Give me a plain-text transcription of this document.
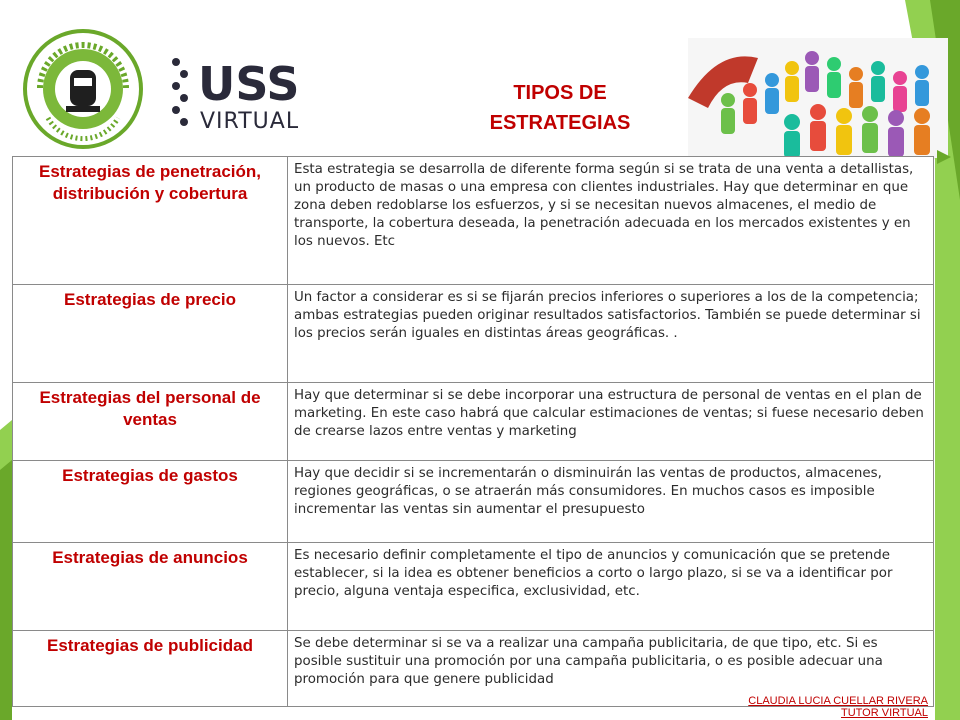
USS
VIRTUAL
TIPOS DE
ESTRATEGIAS
Estrategias de penetración, distribución y cobertura	Esta estrategia se desarrolla de diferente forma según si se trata de una venta a detallistas, un producto de masas o una empresa con clientes industriales. Hay que determinar en que zona deben redoblarse los esfuerzos, y si se necesitan nuevos almacenes, el medio de transporte, la cobertura deseada, la penetración adecuada en los mercados existentes y en los nuevos. Etc
Estrategias de precio	Un factor a considerar es si se fijarán precios inferiores o superiores a los de la competencia; ambas estrategias pueden originar resultados satisfactorios. También se puede determinar si los precios serán iguales en distintas áreas geográficas. .
Estrategias del personal de ventas	Hay que determinar si se debe incorporar una estructura de personal de ventas en el plan de marketing. En este caso habrá que calcular estimaciones de ventas; si fuese necesario deben de crearse lazos entre ventas y marketing
Estrategias de gastos	Hay que decidir si se incrementarán o disminuirán las ventas de productos, almacenes, regiones geográficas, o se atraerán más consumidores. En muchos casos es imposible incrementar las ventas sin aumentar el presupuesto
Estrategias de anuncios	Es necesario definir completamente el tipo de anuncios y comunicación que se pretende establecer, si la idea es obtener beneficios a corto o largo plazo, si se va a identificar por precio, alguna ventaja especifica, exclusividad, etc.
Estrategias de publicidad	Se debe determinar si se va a realizar una campaña publicitaria, de que tipo, etc. Si es posible sustituir una promoción por una campaña publicitaria, o es posible adecuar una promoción para que genere publicidad
CLAUDIA LUCIA CUELLAR RIVERA
TUTOR VIRTUAL
